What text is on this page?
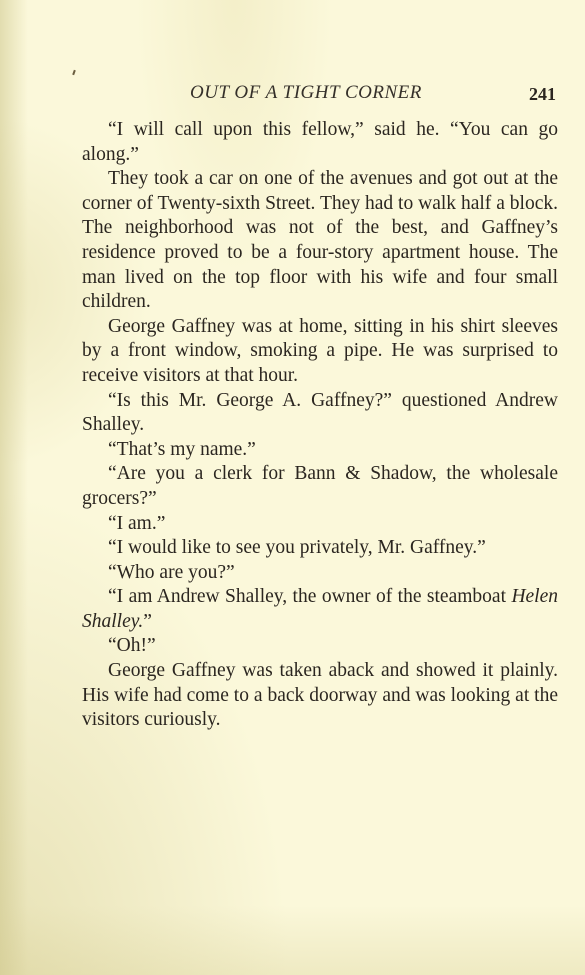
OUT OF A TIGHT CORNER	241

“I will call upon this fellow,” said he. “You can go along.”

They took a car on one of the avenues and got out at the corner of Twenty-sixth Street. They had to walk half a block. The neighborhood was not of the best, and Gaffney’s residence proved to be a four-story apartment house. The man lived on the top floor with his wife and four small children.

George Gaffney was at home, sitting in his shirt sleeves by a front window, smoking a pipe. He was surprised to receive visitors at that hour.

“Is this Mr. George A. Gaffney?” questioned Andrew Shalley.

“That’s my name.”

“Are you a clerk for Bann & Shadow, the wholesale grocers?”

“I am.”

“I would like to see you privately, Mr. Gaffney.”

“Who are you?”

“I am Andrew Shalley, the owner of the steamboat Helen Shalley.”

“Oh!”

George Gaffney was taken aback and showed it plainly. His wife had come to a back doorway and was looking at the visitors curiously.
